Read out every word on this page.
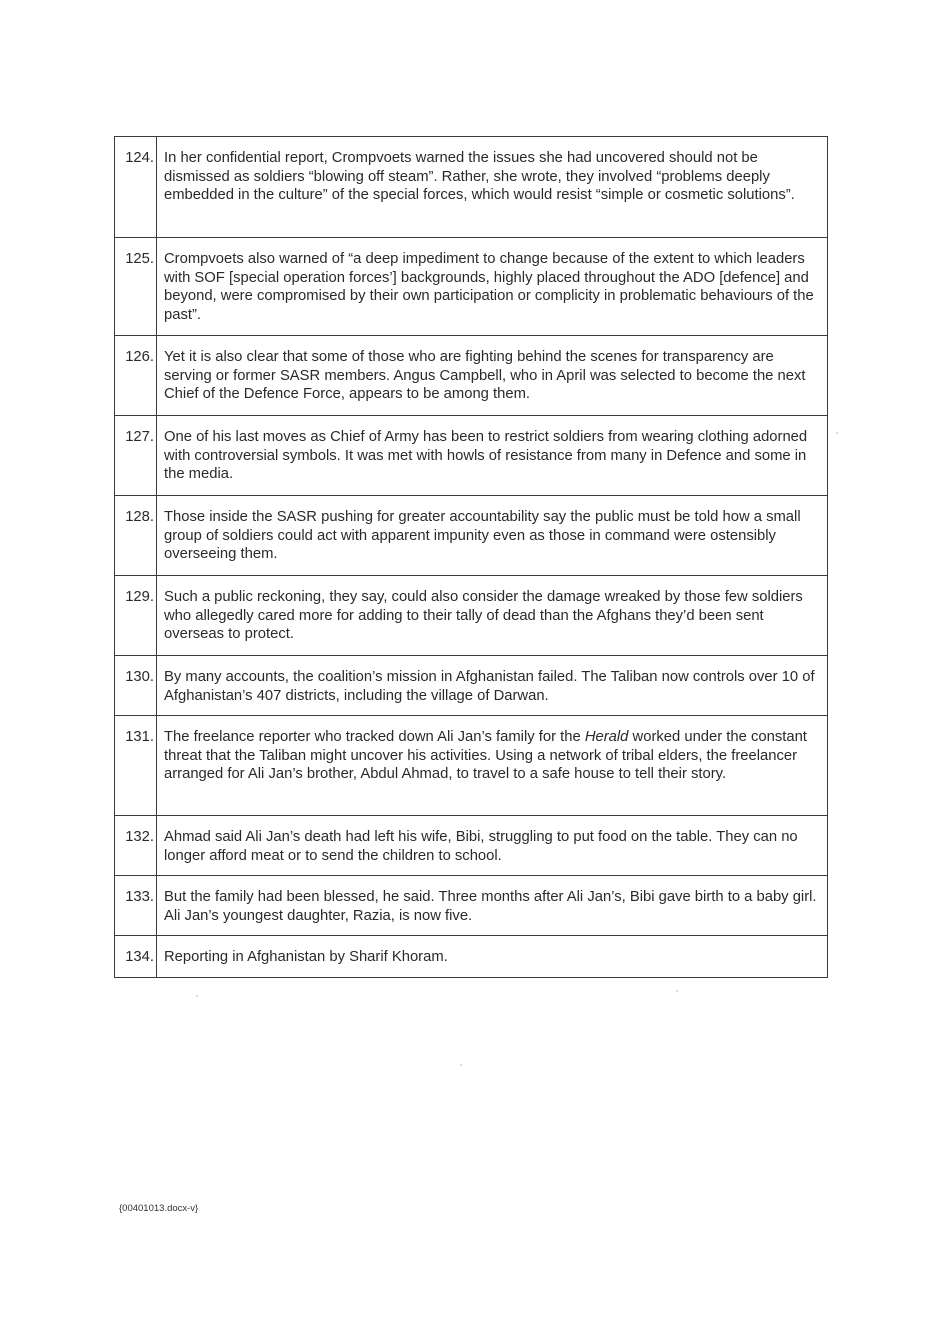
124. In her confidential report, Crompvoets warned the issues she had uncovered should not be dismissed as soldiers “blowing off steam”. Rather, she wrote, they involved “problems deeply embedded in the culture” of the special forces, which would resist “simple or cosmetic solutions”.
125. Crompvoets also warned of “a deep impediment to change because of the extent to which leaders with SOF [special operation forces’] backgrounds, highly placed throughout the ADO [defence] and beyond, were compromised by their own participation or complicity in problematic behaviours of the past”.
126. Yet it is also clear that some of those who are fighting behind the scenes for transparency are serving or former SASR members. Angus Campbell, who in April was selected to become the next Chief of the Defence Force, appears to be among them.
127. One of his last moves as Chief of Army has been to restrict soldiers from wearing clothing adorned with controversial symbols. It was met with howls of resistance from many in Defence and some in the media.
128. Those inside the SASR pushing for greater accountability say the public must be told how a small group of soldiers could act with apparent impunity even as those in command were ostensibly overseeing them.
129. Such a public reckoning, they say, could also consider the damage wreaked by those few soldiers who allegedly cared more for adding to their tally of dead than the Afghans they’d been sent overseas to protect.
130. By many accounts, the coalition’s mission in Afghanistan failed. The Taliban now controls over 10 of Afghanistan’s 407 districts, including the village of Darwan.
131. The freelance reporter who tracked down Ali Jan’s family for the Herald worked under the constant threat that the Taliban might uncover his activities. Using a network of tribal elders, the freelancer arranged for Ali Jan’s brother, Abdul Ahmad, to travel to a safe house to tell their story.
132. Ahmad said Ali Jan’s death had left his wife, Bibi, struggling to put food on the table. They can no longer afford meat or to send the children to school.
133. But the family had been blessed, he said. Three months after Ali Jan’s, Bibi gave birth to a baby girl. Ali Jan’s youngest daughter, Razia, is now five.
134. Reporting in Afghanistan by Sharif Khoram.
{00401013.docx-v}
